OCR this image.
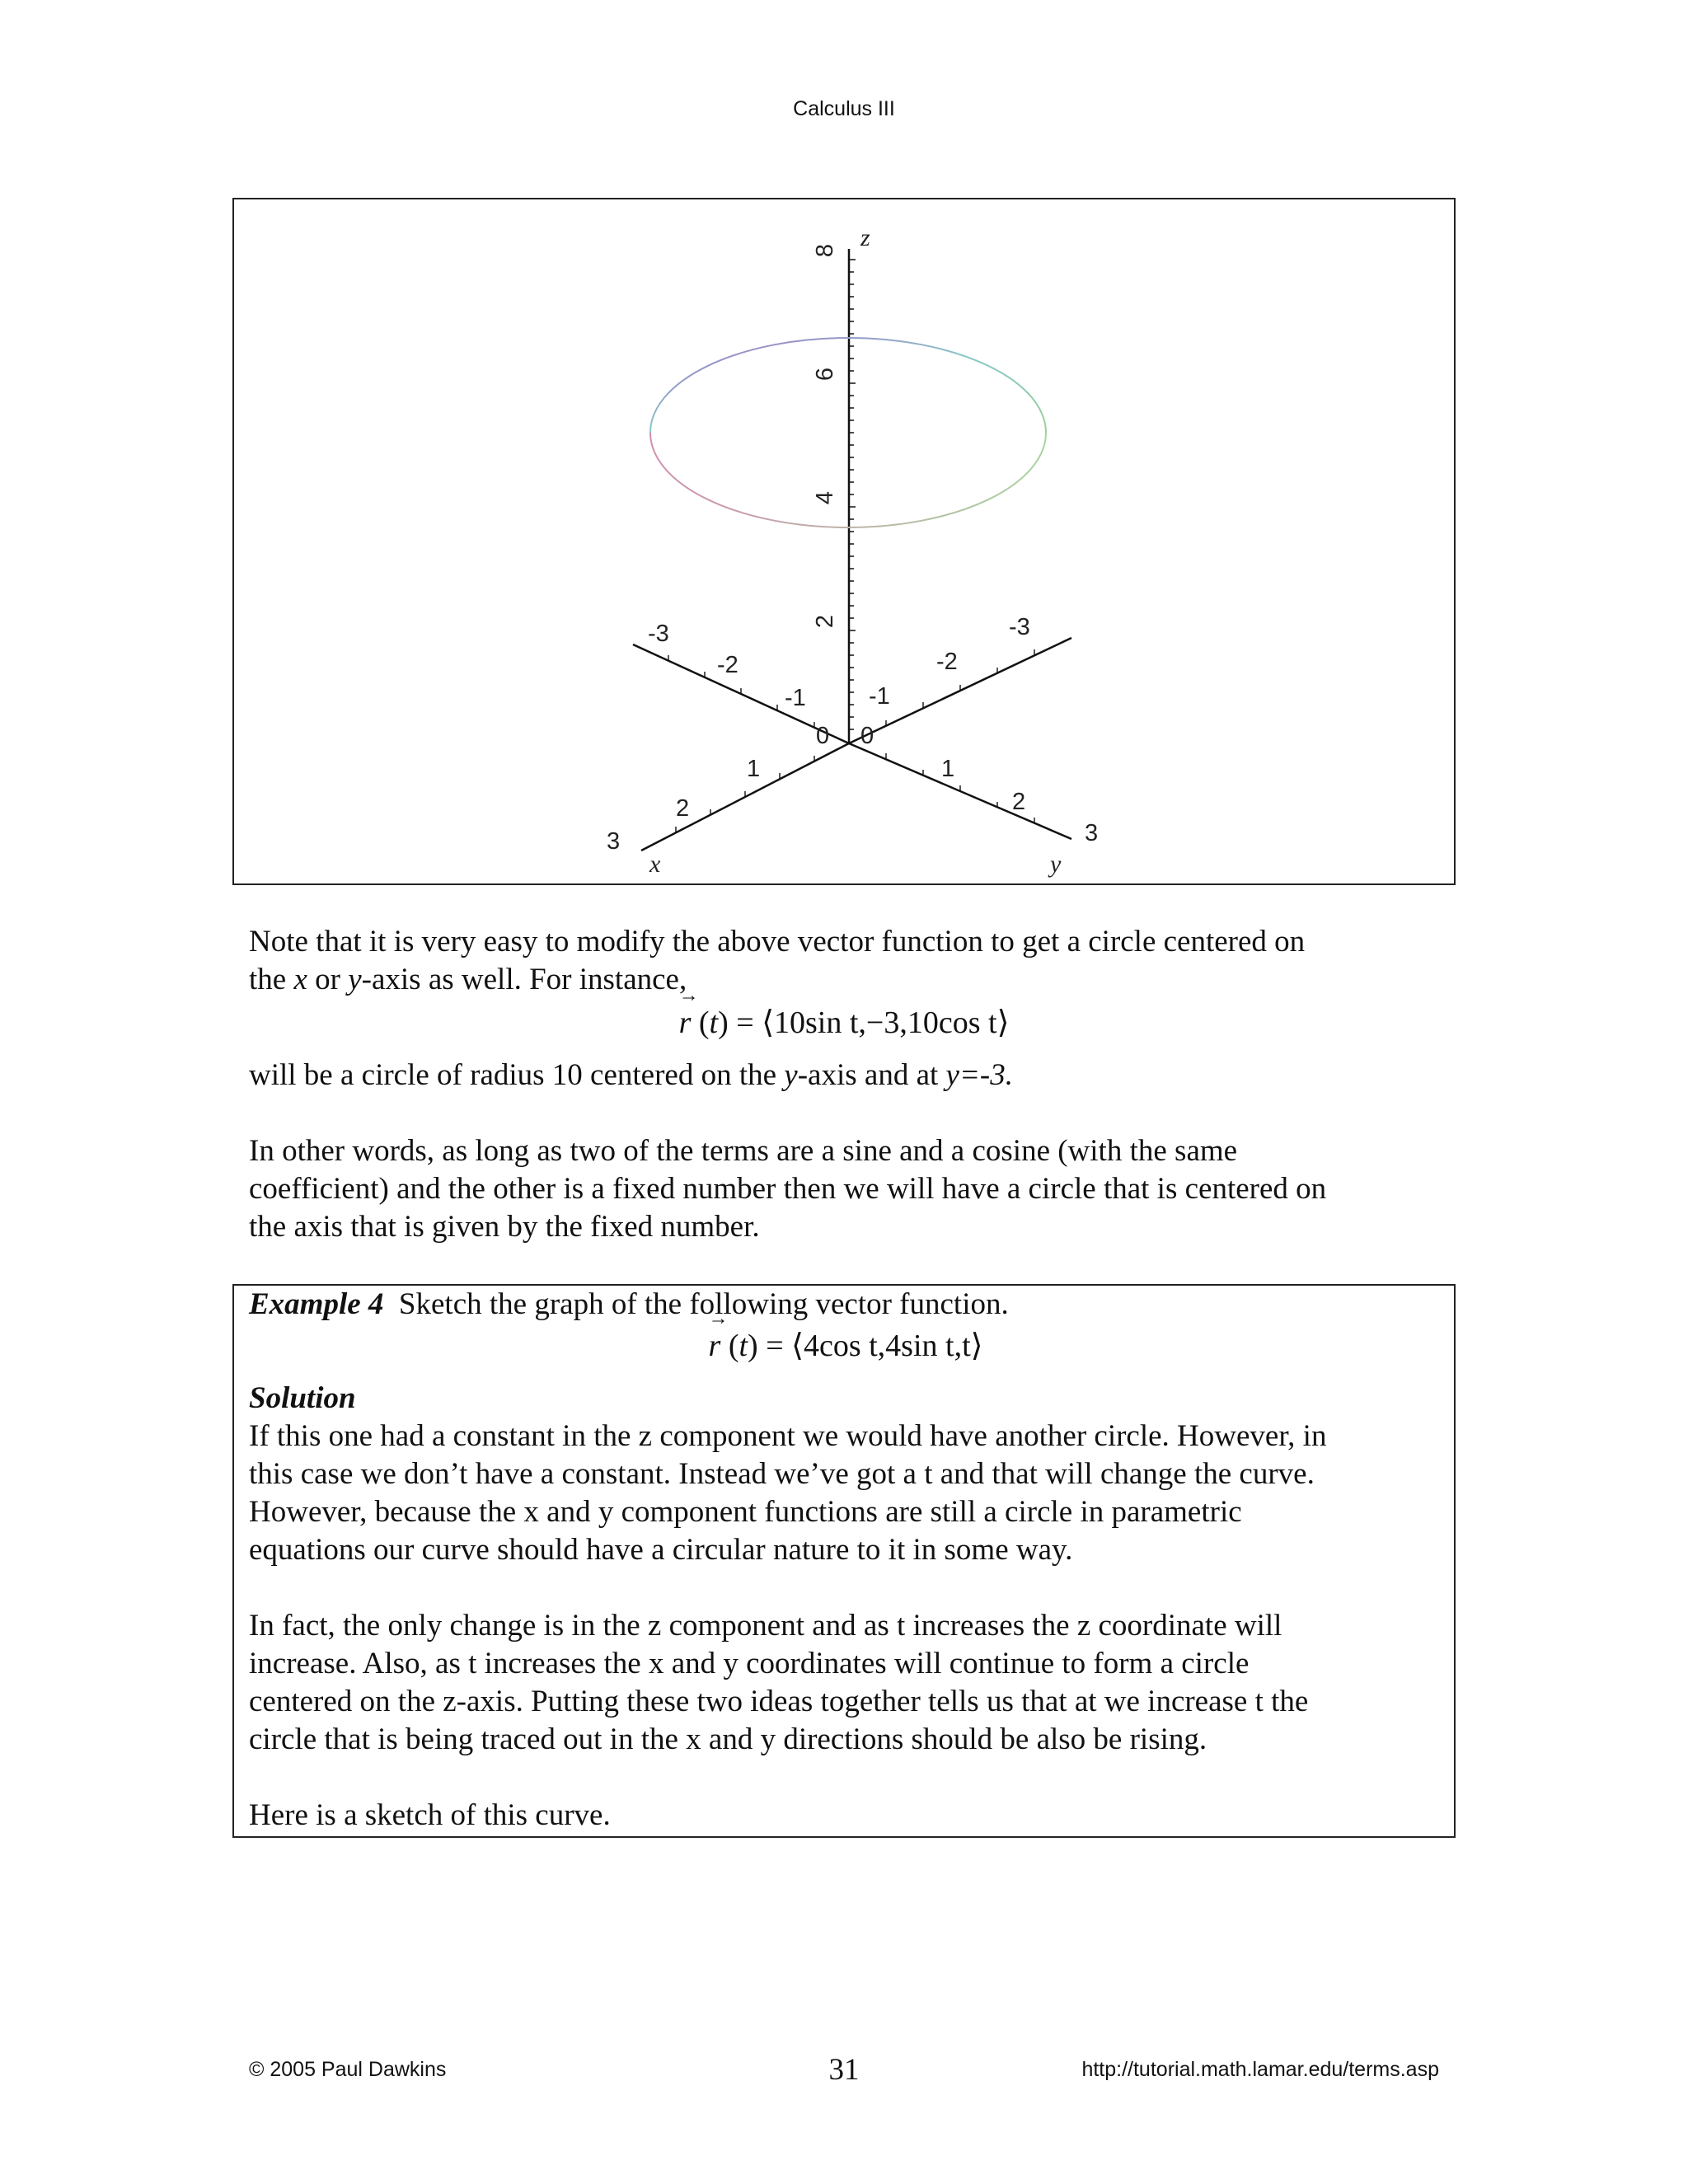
Calculus III
8
6
4
2
z
-3
-2
-1
0
1
2
3
x
-3
-2
-1
0
1
2
3
y

Note that it is very easy to modify the above vector function to get a circle centered on
the x or y-axis as well. For instance,

→ r (t) = ⟨10sin t,−3,10cos t⟩

will be a circle of radius 10 centered on the y-axis and at y=-3.

In other words, as long as two of the terms are a sine and a cosine (with the same
coefficient) and the other is a fixed number then we will have a circle that is centered on
the axis that is given by the fixed number.

Example 4 Sketch the graph of the following vector function.
→ r (t) = ⟨4cos t,4sin t,t⟩
Solution
If this one had a constant in the z component we would have another circle. However, in
this case we don’t have a constant. Instead we’ve got a t and that will change the curve.
However, because the x and y component functions are still a circle in parametric
equations our curve should have a circular nature to it in some way.

In fact, the only change is in the z component and as t increases the z coordinate will
increase. Also, as t increases the x and y coordinates will continue to form a circle
centered on the z-axis. Putting these two ideas together tells us that at we increase t the
circle that is being traced out in the x and y directions should be also be rising.

Here is a sketch of this curve.
© 2005 Paul Dawkins	31	http://tutorial.math.lamar.edu/terms.asp
